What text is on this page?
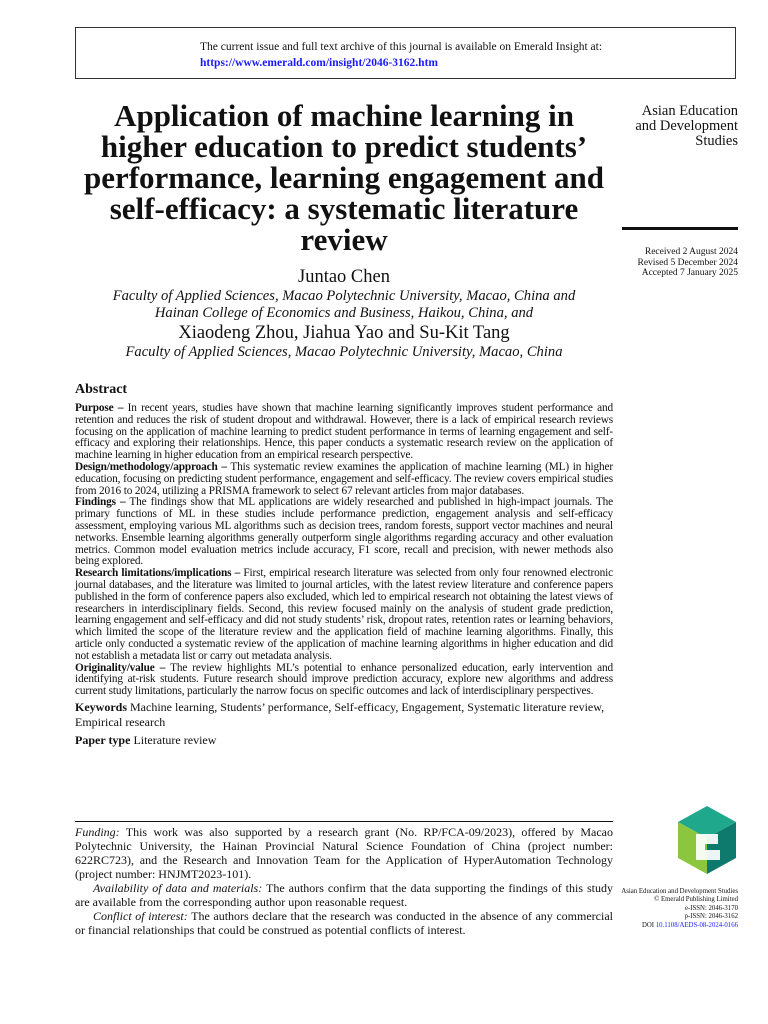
The current issue and full text archive of this journal is available on Emerald Insight at:
https://www.emerald.com/insight/2046-3162.htm
Application of machine learning in higher education to predict students’ performance, learning engagement and self-efficacy: a systematic literature review
Juntao Chen
Faculty of Applied Sciences, Macao Polytechnic University, Macao, China and
Hainan College of Economics and Business, Haikou, China, and
Xiaodeng Zhou, Jiahua Yao and Su-Kit Tang
Faculty of Applied Sciences, Macao Polytechnic University, Macao, China
Asian Education
and Development
Studies
Received 2 August 2024
Revised 5 December 2024
Accepted 7 January 2025
Abstract

Purpose – In recent years, studies have shown that machine learning significantly improves student performance and retention and reduces the risk of student dropout and withdrawal. However, there is a lack of empirical research reviews focusing on the application of machine learning to predict student performance in terms of learning engagement and self-efficacy and exploring their relationships. Hence, this paper conducts a systematic research review on the application of machine learning in higher education from an empirical research perspective.

Design/methodology/approach – This systematic review examines the application of machine learning (ML) in higher education, focusing on predicting student performance, engagement and self-efficacy. The review covers empirical studies from 2016 to 2024, utilizing a PRISMA framework to select 67 relevant articles from major databases.

Findings – The findings show that ML applications are widely researched and published in high-impact journals. The primary functions of ML in these studies include performance prediction, engagement analysis and self-efficacy assessment, employing various ML algorithms such as decision trees, random forests, support vector machines and neural networks. Ensemble learning algorithms generally outperform single algorithms regarding accuracy and other evaluation metrics. Common model evaluation metrics include accuracy, F1 score, recall and precision, with newer methods also being explored.

Research limitations/implications – First, empirical research literature was selected from only four renowned electronic journal databases, and the literature was limited to journal articles, with the latest review literature and conference papers published in the form of conference papers also excluded, which led to empirical research not obtaining the latest views of researchers in interdisciplinary fields. Second, this review focused mainly on the analysis of student grade prediction, learning engagement and self-efficacy and did not study students’ risk, dropout rates, retention rates or learning behaviors, which limited the scope of the literature review and the application field of machine learning algorithms. Finally, this article only conducted a systematic review of the application of machine learning algorithms in higher education and did not establish a metadata list or carry out metadata analysis.

Originality/value – The review highlights ML’s potential to enhance personalized education, early intervention and identifying at-risk students. Future research should improve prediction accuracy, explore new algorithms and address current study limitations, particularly the narrow focus on specific outcomes and lack of interdisciplinary perspectives.

Keywords Machine learning, Students’ performance, Self-efficacy, Engagement, Systematic literature review, Empirical research

Paper type Literature review

Funding: This work was also supported by a research grant (No. RP/FCA-09/2023), offered by Macao Polytechnic University, the Hainan Provincial Natural Science Foundation of China (project number: 622RC723), and the Research and Innovation Team for the Application of HyperAutomation Technology (project number: HNJMT2023-101).

Availability of data and materials: The authors confirm that the data supporting the findings of this study are available from the corresponding author upon reasonable request.

Conflict of interest: The authors declare that the research was conducted in the absence of any commercial or financial relationships that could be construed as potential conflicts of interest.

Asian Education and Development Studies
© Emerald Publishing Limited
e-ISSN: 2046-3170
p-ISSN: 2046-3162
DOI 10.1108/AEDS-08-2024-0166
